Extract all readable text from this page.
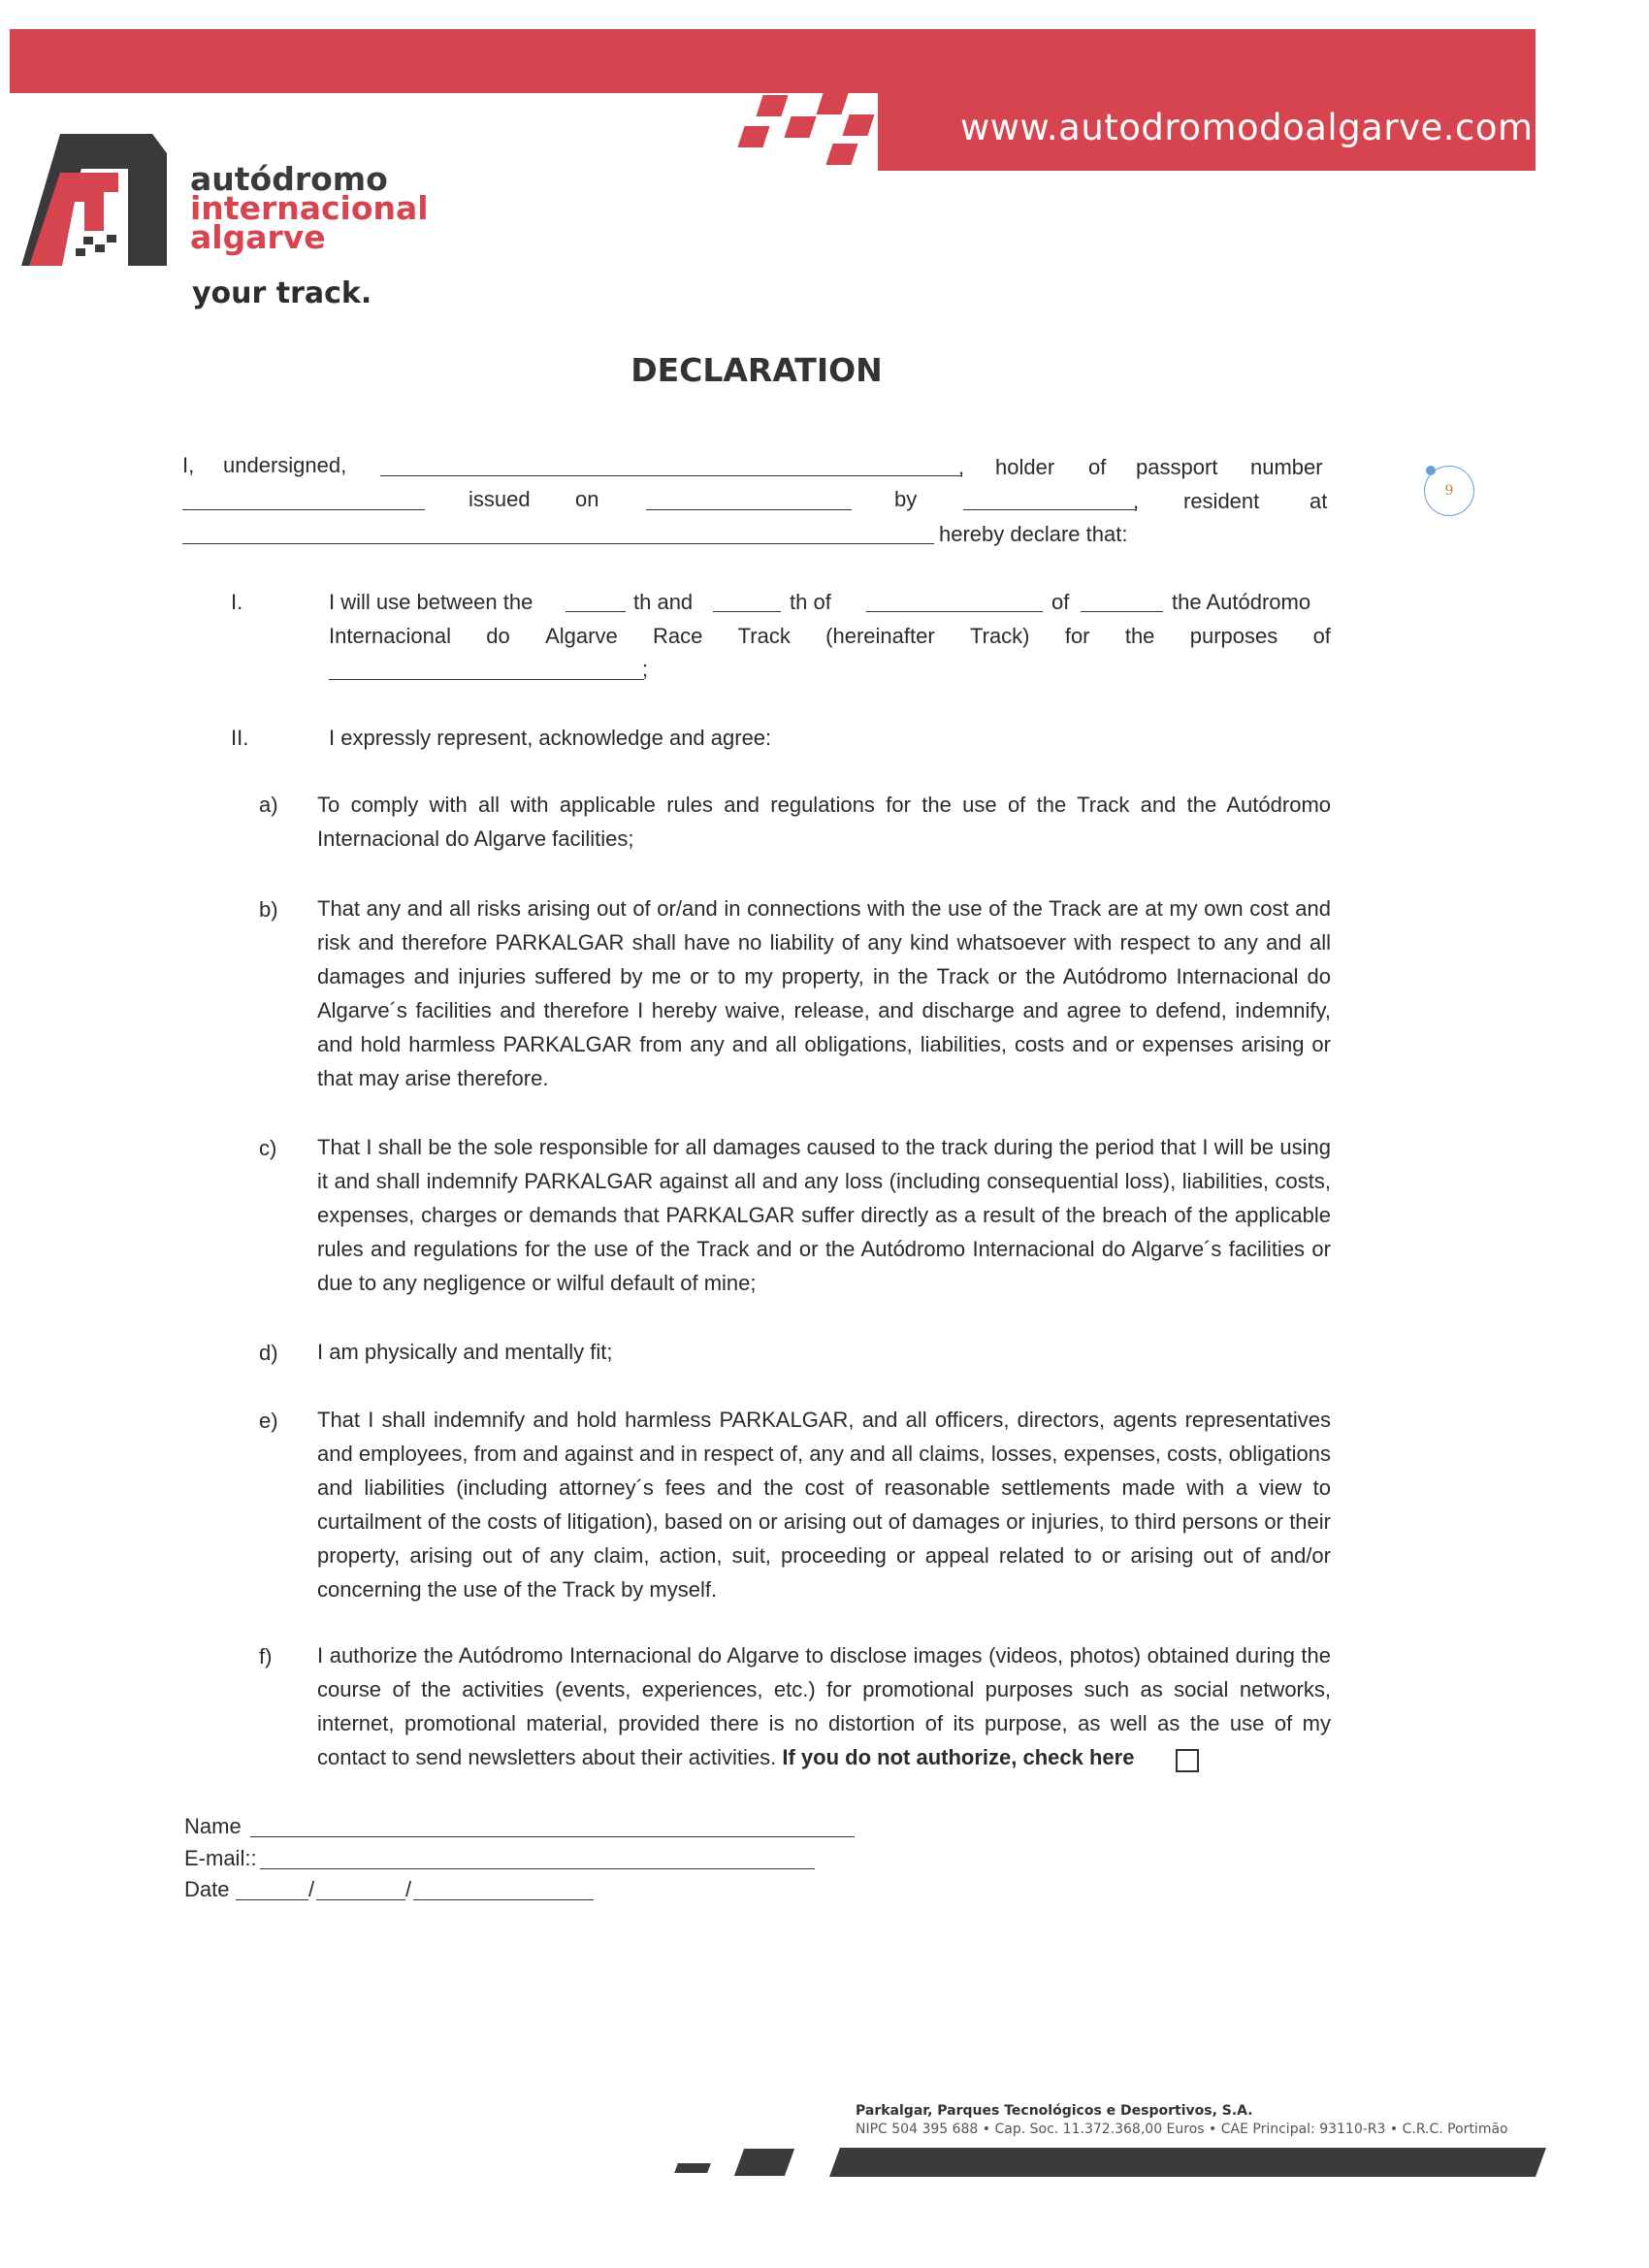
www.autodromodoalgarve.com
autódromo
internacional
algarve
your track.
DECLARATION
9
I, undersigned,	, holder of passport number
issued on	by	, resident at
hereby declare that:
I.	I will use between the	th and	th of	of	the Autódromo
Internacional do Algarve Race Track (hereinafter Track) for the purposes of
;
II.	I expressly represent, acknowledge and agree:
a) To comply with all with applicable rules and regulations for the use of the Track and the Autódromo Internacional do Algarve facilities;
b) That any and all risks arising out of or/and in connections with the use of the Track are at my own cost and risk and therefore PARKALGAR shall have no liability of any kind whatsoever with respect to any and all damages and injuries suffered by me or to my property, in the Track or the Autódromo Internacional do Algarve´s facilities and therefore I hereby waive, release, and discharge and agree to defend, indemnify, and hold harmless PARKALGAR from any and all obligations, liabilities, costs and or expenses arising or that may arise therefore.
c) That I shall be the sole responsible for all damages caused to the track during the period that I will be using it and shall indemnify PARKALGAR against all and any loss (including consequential loss), liabilities, costs, expenses, charges or demands that PARKALGAR suffer directly as a result of the breach of the applicable rules and regulations for the use of the Track and or the Autódromo Internacional do Algarve´s facilities or due to any negligence or wilful default of mine;
d) I am physically and mentally fit;
e) That I shall indemnify and hold harmless PARKALGAR, and all officers, directors, agents representatives and employees, from and against and in respect of, any and all claims, losses, expenses, costs, obligations and liabilities (including attorney´s fees and the cost of reasonable settlements made with a view to curtailment of the costs of litigation), based on or arising out of damages or injuries, to third persons or their property, arising out of any claim, action, suit, proceeding or appeal related to or arising out of and/or concerning the use of the Track by myself.
f) I authorize the Autódromo Internacional do Algarve to disclose images (videos, photos) obtained during the course of the activities (events, experiences, etc.) for promotional purposes such as social networks, internet, promotional material, provided there is no distortion of its purpose, as well as the use of my contact to send newsletters about their activities. If you do not authorize, check here
Name
E-mail::
Date	/	/
Parkalgar, Parques Tecnológicos e Desportivos, S.A.
NIPC 504 395 688 • Cap. Soc. 11.372.368,00 Euros • CAE Principal: 93110-R3 • C.R.C. Portimão
